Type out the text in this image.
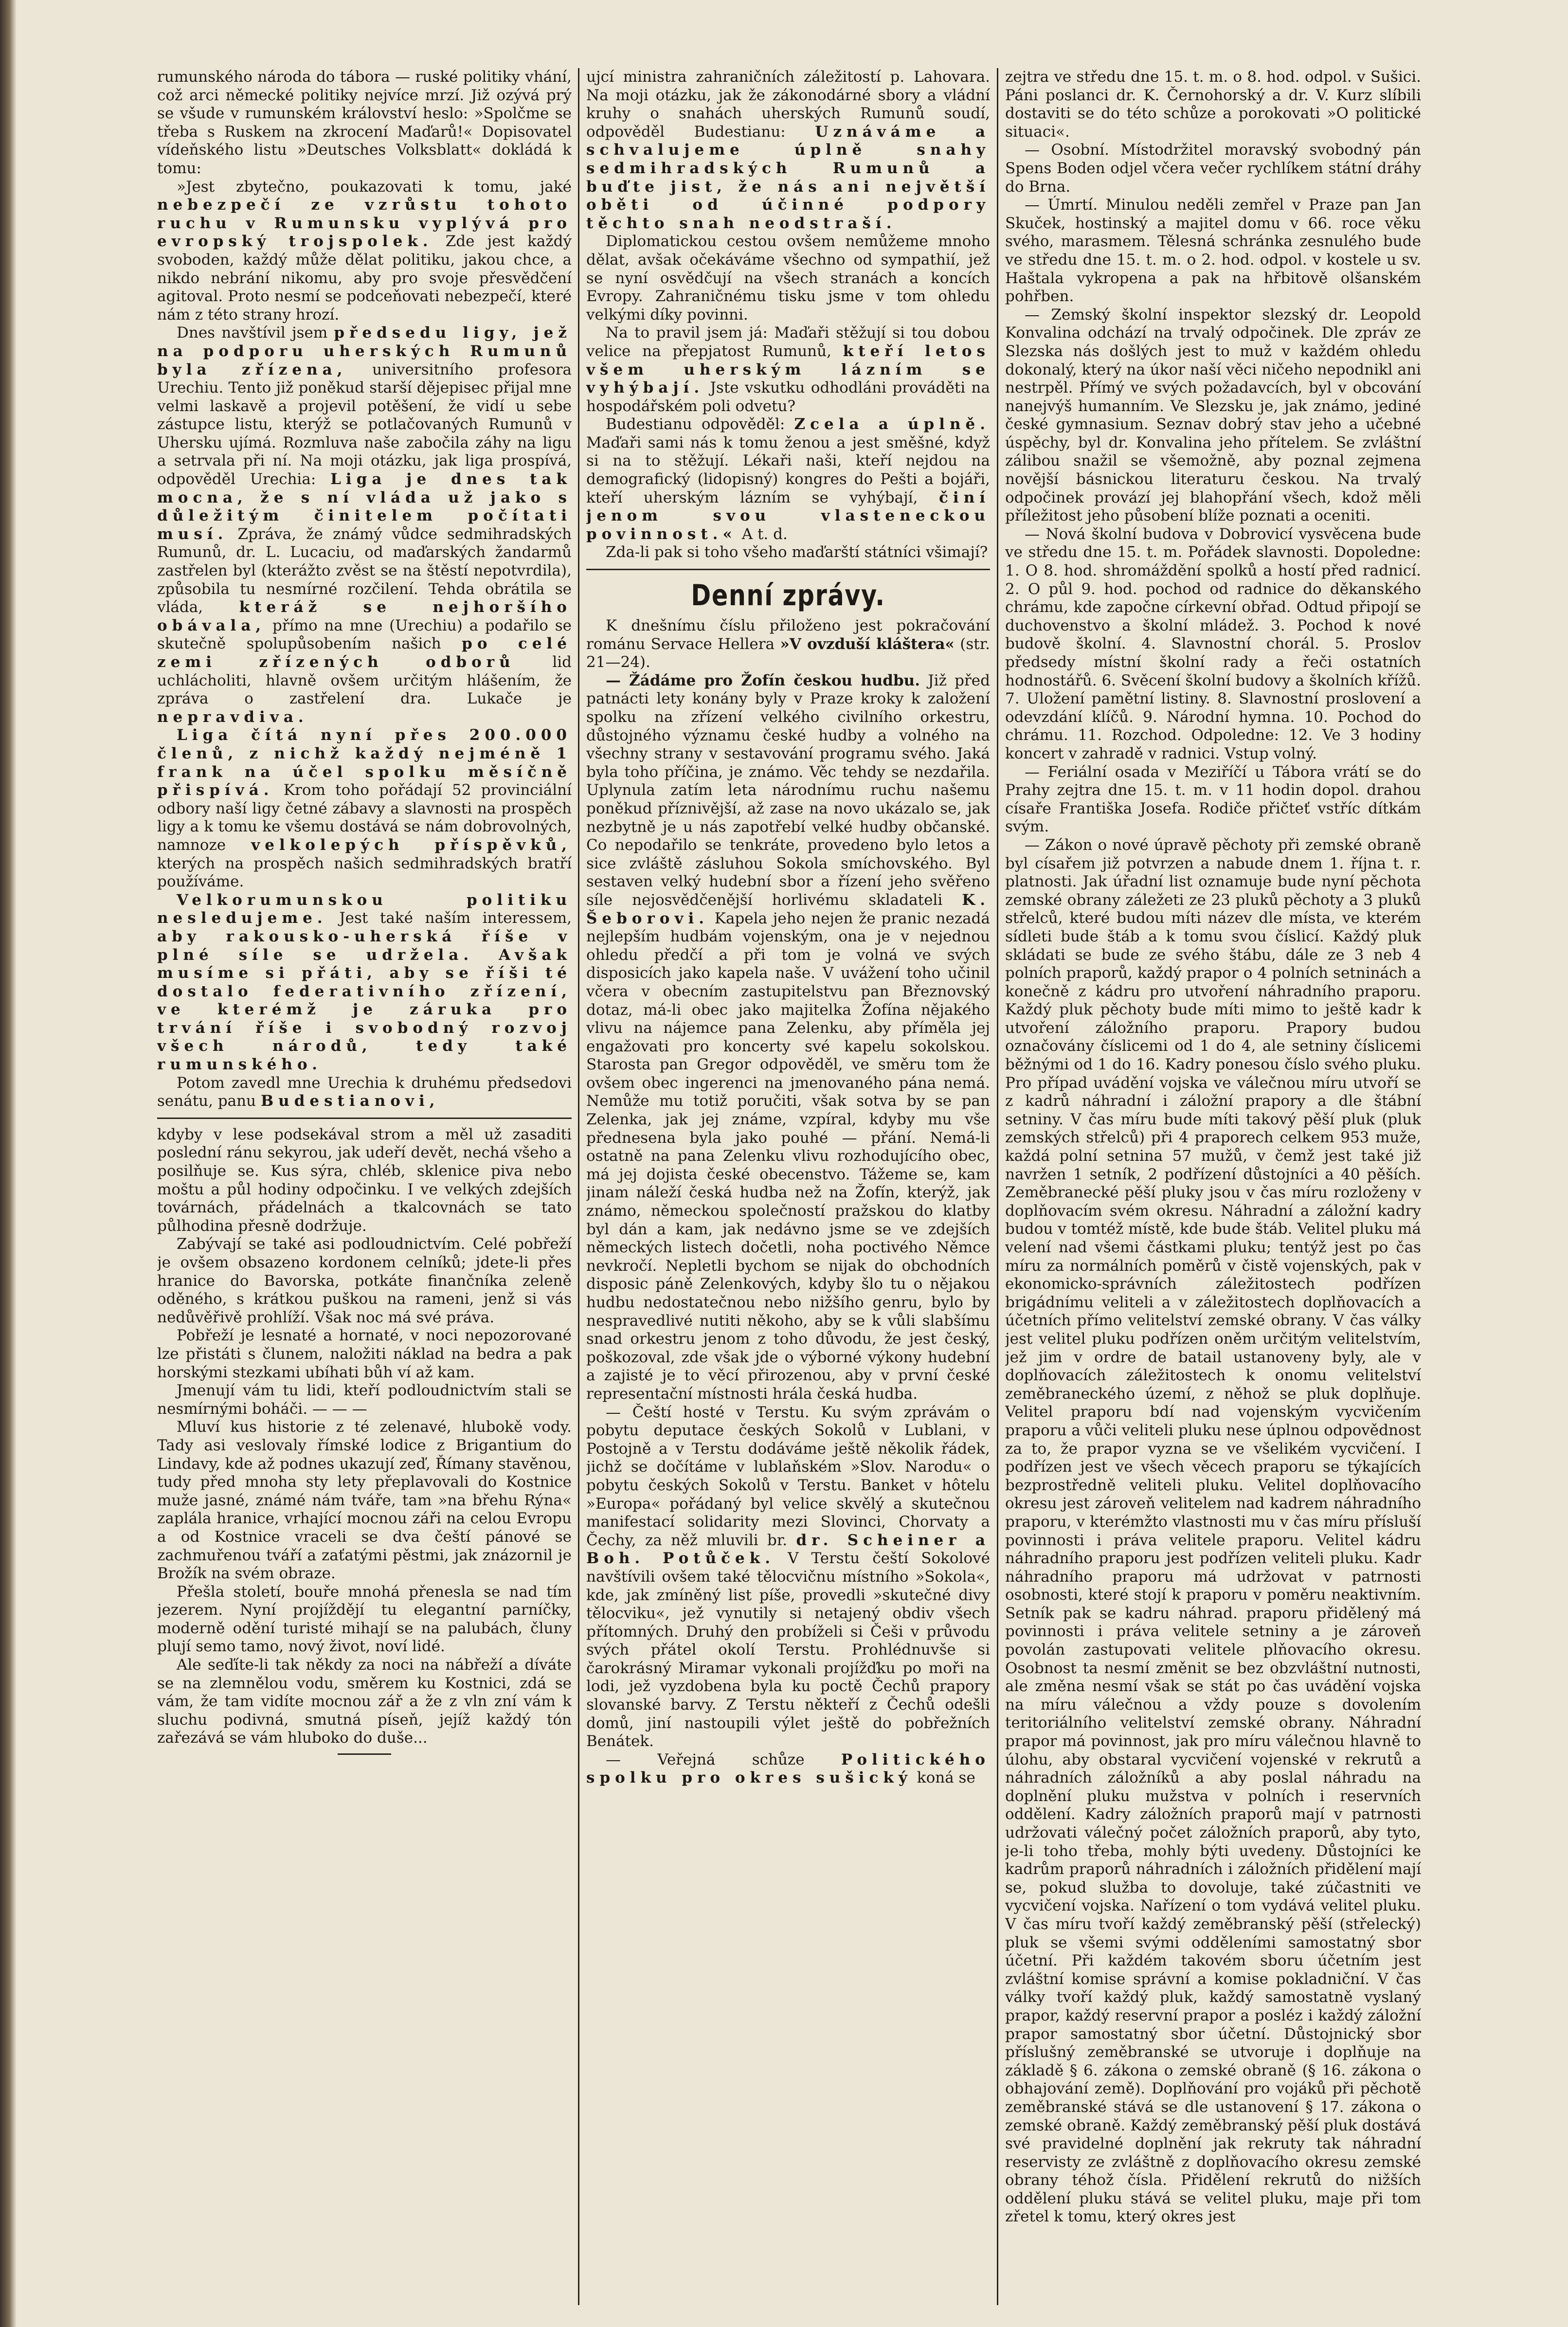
rumunského národa do tábora — ruské politiky vhání, což arci německé politiky nejvíce mrzí. Již ozývá prý se všude v rumunském království heslo: »Spolčme se třeba s Ruskem na zkrocení Maďarů!« Dopisovatel vídeňského listu »Deutsches Volksblatt« dokládá k tomu:

»Jest zbytečno, poukazovati k tomu, jaké nebezpečí ze vzrůstu tohoto ruchu v Rumunsku vyplývá pro evropský trojspolek. Zde jest každý svoboden, každý může dělat politiku, jakou chce, a nikdo nebrání nikomu, aby pro svoje přesvědčení agitoval. Proto nesmí se podceňovati nebezpečí, které nám z této strany hrozí.

Dnes navštívil jsem předsedu ligy, jež na podporu uherských Rumunů byla zřízena, universitního profesora Urechiu. Tento již poněkud starší dějepisec přijal mne velmi laskavě a projevil potěšení, že vidí u sebe zástupce listu, kterýž se potlačovaných Rumunů v Uhersku ujímá. Rozmluva naše zabočila záhy na ligu a setrvala při ní. Na moji otázku, jak liga prospívá, odpověděl Urechia: Liga je dnes tak mocna, že s ní vláda už jako s důležitým činitelem počítati musí. Zpráva, že známý vůdce sedmihradských Rumunů, dr. L. Lucaciu, od maďarských žandarmů zastřelen byl (kterážto zvěst se na štěstí nepotvrdila), způsobila tu nesmírné rozčilení. Tehda obrátila se vláda, kteráž se nejhoršího obávala, přímo na mne (Urechiu) a podařilo se skutečně spolupůsobením našich po celé zemi zřízených odborů lid uchlácholiti, hlavně ovšem určitým hlášením, že zpráva o zastřelení dra. Lukače je nepravdiva.

Liga čítá nyní přes 200.000 členů, z nichž každý nejméně 1 frank na účel spolku měsíčně přispívá. Krom toho pořádají 52 provinciální odbory naší ligy četné zábavy a slavnosti na prospěch ligy a k tomu ke všemu dostává se nám dobrovolných, namnoze velkolepých příspěvků, kterých na prospěch našich sedmihradských bratří používáme.

Velkorumunskou politiku nesledujeme. Jest také naším interessem, aby rakousko-uherská říše v plné síle se udržela. Avšak musíme si přáti, aby se říši té dostalo federativního zřízení, ve kterémž je záruka pro trvání říše i svobodný rozvoj všech národů, tedy také rumunského.

Potom zavedl mne Urechia k druhému předsedovi senátu, panu Budestianovi,

kdyby v lese podsekával strom a měl už zasaditi poslední ránu sekyrou, jak udeří devět, nechá všeho a posilňuje se. Kus sýra, chléb, sklenice piva nebo moštu a půl hodiny odpočinku. I ve velkých zdejších továrnách, přádelnách a tkalcovnách se tato půlhodina přesně dodržuje.

Zabývají se také asi podloudnictvím. Celé pobřeží je ovšem obsazeno kordonem celníků; jdete-li přes hranice do Bavorska, potkáte finančníka zeleně oděného, s krátkou puškou na rameni, jenž si vás nedůvěřivě prohlíží. Však noc má své práva.

Pobřeží je lesnaté a hornaté, v noci nepozorované lze přistáti s člunem, naložiti náklad na bedra a pak horskými stezkami ubíhati bůh ví až kam.

Jmenují vám tu lidi, kteří podloudnictvím stali se nesmírnými boháči. — — —

Mluví kus historie z té zelenavé, hlubokě vody. Tady asi veslovaly římské lodice z Brigantium do Lindavy, kde až podnes ukazují zeď, Římany stavěnou, tudy před mnoha sty lety přeplavovali do Kostnice muže jasné, známé nám tváře, tam »na břehu Rýna« zaplála hranice, vrhající mocnou záři na celou Evropu a od Kostnice vraceli se dva čeští pánové se zachmuřenou tváří a zaťatými pěstmi, jak znázornil je Brožík na svém obraze.

Přešla století, bouře mnohá přenesla se nad tím jezerem. Nyní projíždějí tu elegantní parníčky, moderně odění turisté mihají se na palubách, čluny plují semo tamo, nový život, noví lidé.

Ale seďíte-li tak někdy za noci na nábřeží a díváte se na zlemnělou vodu, směrem ku Kostnici, zdá se vám, že tam vidíte mocnou zář a že z vln zní vám k sluchu podivná, smutná píseň, jejíž každý tón zařezává se vám hluboko do duše...

ujcí ministra zahraničních záležitostí p. Lahovara. Na moji otázku, jak že zákonodárné sbory a vládní kruhy o snahách uherských Rumunů soudí, odpověděl Budestianu: Uznáváme a schvalujeme úplně snahy sedmihradských Rumunů a buďte jist, že nás ani největší oběti od účinné podpory těchto snah neodstraší.

Diplomatickou cestou ovšem nemůžeme mnoho dělat, avšak očekáváme všechno od sympathií, jež se nyní osvědčují na všech stranách a koncích Evropy. Zahraničnému tisku jsme v tom ohledu velkými díky povinni.

Na to pravil jsem já: Maďaři stěžují si tou dobou velice na přepjatost Rumunů, kteří letos všem uherským lázním se vyhýbají. Jste vskutku odhodláni prováděti na hospodářském poli odvetu?

Budestianu odpověděl: Zcela a úplně. Maďaři sami nás k tomu ženou a jest směšné, když si na to stěžují. Lékaři naši, kteří nejdou na demografický (lidopisný) kongres do Pešti a bojáři, kteří uherským lázním se vyhýbají, činí jenom svou vlasteneckou povinnost.« A t. d.

Zda-li pak si toho všeho maďarští státníci všimají?

Denní zprávy.

K dnešnímu číslu přiloženo jest pokračování románu Servace Hellera »V ovzduší kláštera« (str. 21—24).

— Žádáme pro Žofín českou hudbu. Již před patnácti lety konány byly v Praze kroky k založení spolku na zřízení velkého civilního orkestru, důstojného významu české hudby a volného na všechny strany v sestavování programu svého. Jaká byla toho příčina, je známo. Věc tehdy se nezdařila. Uplynula zatím leta národnímu ruchu našemu poněkud příznivější, až zase na novo ukázalo se, jak nezbytně je u nás zapotřebí velké hudby občanské. Co nepodařilo se tenkráte, provedeno bylo letos a sice zvláště zásluhou Sokola smíchovského. Byl sestaven velký hudební sbor a řízení jeho svěřeno síle nejosvědčenější horlivému skladateli K. Šeborovi. Kapela jeho nejen že pranic nezadá nejlepším hudbám vojenským, ona je v nejednou ohledu předčí a při tom je volná ve svých disposicích jako kapela naše. V uvážení toho učinil včera v obecním zastupitelstvu pan Březnovský dotaz, má-li obec jako majitelka Žofína nějakého vlivu na nájemce pana Zelenku, aby příměla jej engažovati pro koncerty své kapelu sokolskou. Starosta pan Gregor odpověděl, ve směru tom že ovšem obec ingerenci na jmenovaného pána nemá. Nemůže mu totiž poručiti, však sotva by se pan Zelenka, jak jej známe, vzpíral, kdyby mu vše přednesena byla jako pouhé — přání. Nemá-li ostatně na pana Zelenku vlivu rozhodujícího obec, má jej dojista české obecenstvo. Tážeme se, kam jinam náleží česká hudba než na Žofín, kterýž, jak známo, německou společností pražskou do klatby byl dán a kam, jak nedávno jsme se ve zdejších německých listech dočetli, noha poctivého Němce nevkročí. Nepletli bychom se nijak do obchodních disposic páně Zelenkových, kdyby šlo tu o nějakou hudbu nedostatečnou nebo nižšího genru, bylo by nespravedlivé nutiti někoho, aby se k vůli slabšímu snad orkestru jenom z toho důvodu, že jest český, poškozoval, zde však jde o výborné výkony hudební a zajisté je to věcí přirozenou, aby v první české representační místnosti hrála česká hudba.

— Čeští hosté v Terstu. Ku svým zprávám o pobytu deputace českých Sokolů v Lublani, v Postojně a v Terstu dodáváme ještě několik řádek, jichž se dočítáme v lublaňském »Slov. Narodu« o pobytu českých Sokolů v Terstu. Banket v hôtelu »Europa« pořádaný byl velice skvělý a skutečnou manifestací solidarity mezi Slovinci, Chorvaty a Čechy, za něž mluvili br. dr. Scheiner a Boh. Potůček. V Terstu čeští Sokolové navštívili ovšem také tělocvičnu místního »Sokola«, kde, jak zmíněný list píše, provedli »skutečné divy tělocviku«, jež vynutily si netajený obdiv všech přítomných. Druhý den probíželi si Češi v průvodu svých přátel okolí Terstu. Prohlédnuvše si čarokrásný Miramar vykonali projížďku po moři na lodi, jež vyzdobena byla ku poctě Čechů prapory slovanské barvy. Z Terstu někteří z Čechů odešli domů, jiní nastoupili výlet ještě do pobřežních Benátek.

— Veřejná schůze Politického spolku pro okres sušický koná se

zejtra ve středu dne 15. t. m. o 8. hod. odpol. v Sušici. Páni poslanci dr. K. Černohorský a dr. V. Kurz slíbili dostaviti se do této schůze a porokovati »O politické situaci«.

— Osobní. Místodržitel moravský svobodný pán Spens Boden odjel včera večer rychlíkem státní dráhy do Brna.

— Úmrtí. Minulou neděli zemřel v Praze pan Jan Skuček, hostinský a majitel domu v 66. roce věku svého, marasmem. Tělesná schránka zesnulého bude ve středu dne 15. t. m. o 2. hod. odpol. v kostele u sv. Haštala vykropena a pak na hřbitově olšanském pohřben.

— Zemský školní inspektor slezský dr. Leopold Konvalina odchází na trvalý odpočinek. Dle zpráv ze Slezska nás došlých jest to muž v každém ohledu dokonalý, který na úkor naší věci ničeho nepodnikl ani nestrpěl. Přímý ve svých požadavcích, byl v obcování nanejvýš humanním. Ve Slezsku je, jak známo, jediné české gymnasium. Seznav dobrý stav jeho a učebné úspěchy, byl dr. Konvalina jeho přítelem. Se zvláštní zálibou snažil se všemožně, aby poznal zejmena novější básnickou literaturu českou. Na trvalý odpočinek provází jej blahopřání všech, kdož měli příležitost jeho působení blíže poznati a oceniti.

— Nová školní budova v Dobrovicí vysvěcena bude ve středu dne 15. t. m. Pořádek slavnosti. Dopoledne: 1. O 8. hod. shromáždění spolků a hostí před radnicí. 2. O půl 9. hod. pochod od radnice do děkanského chrámu, kde započne církevní obřad. Odtud připojí se duchovenstvo a školní mládež. 3. Pochod k nové budově školní. 4. Slavnostní chorál. 5. Proslov předsedy místní školní rady a řeči ostatních hodnostářů. 6. Svěcení školní budovy a školních křížů. 7. Uložení pamětní listiny. 8. Slavnostní proslovení a odevzdání klíčů. 9. Národní hymna. 10. Pochod do chrámu. 11. Rozchod. Odpoledne: 12. Ve 3 hodiny koncert v zahradě v radnici. Vstup volný.

— Feriální osada v Meziříčí u Tábora vrátí se do Prahy zejtra dne 15. t. m. v 11 hodin dopol. drahou císaře Františka Josefa. Rodiče přičteť vstříc dítkám svým.

— Zákon o nové úpravě pěchoty při zemské obraně byl císařem již potvrzen a nabude dnem 1. října t. r. platnosti. Jak úřadní list oznamuje bude nyní pěchota zemské obrany záležeti ze 23 pluků pěchoty a 3 pluků střelců, které budou míti název dle místa, ve kterém sídleti bude štáb a k tomu svou číslicí. Každý pluk skládati se bude ze svého štábu, dále ze 3 neb 4 polních praporů, každý prapor o 4 polních setninách a konečně z kádru pro utvoření náhradního praporu. Každý pluk pěchoty bude míti mimo to ještě kadr k utvoření záložního praporu. Prapory budou označovány číslicemi od 1 do 4, ale setniny číslicemi běžnými od 1 do 16. Kadry ponesou číslo svého pluku. Pro případ uvádění vojska ve válečnou míru utvoří se z kadrů náhradní i záložní prapory a dle štábní setniny. V čas míru bude míti takový pěší pluk (pluk zemských střelců) při 4 praporech celkem 953 muže, každá polní setnina 57 mužů, v čemž jest také již navržen 1 setník, 2 podřízení důstojníci a 40 pěších. Zeměbranecké pěší pluky jsou v čas míru rozloženy v doplňovacím svém okresu. Náhradní a záložní kadry budou v tomtéž místě, kde bude štáb. Velitel pluku má velení nad všemi částkami pluku; tentýž jest po čas míru za normálních poměrů v čistě vojenských, pak v ekonomicko-správních záležitostech podřízen brigádnímu veliteli a v záležitostech doplňovacích a účetních přímo velitelství zemské obrany. V čas války jest velitel pluku podřízen oněm určitým velitelstvím, jež jim v ordre de batail ustanoveny byly, ale v doplňovacích záležitostech k onomu velitelství zeměbraneckého území, z něhož se pluk doplňuje. Velitel praporu bdí nad vojenským vycvičením praporu a vůči veliteli pluku nese úplnou odpovědnost za to, že prapor vyzna se ve všelikém vycvičení. I podřízen jest ve všech věcech praporu se týkajících bezprostředně veliteli pluku. Velitel doplňovacího okresu jest zároveň velitelem nad kadrem náhradního praporu, v kterémžto vlastnosti mu v čas míru přísluší povinnosti i práva velitele praporu. Velitel kádru náhradního praporu jest podřízen veliteli pluku. Kadr náhradního praporu má udržovat v patrnosti osobnosti, které stojí k praporu v poměru neaktivním. Setník pak se kadru náhrad. praporu přidělený má povinnosti i práva velitele setniny a je zároveň povolán zastupovati velitele plňovacího okresu. Osobnost ta nesmí změnit se bez obzvláštní nutnosti, ale změna nesmí však se stát po čas uvádění vojska na míru válečnou a vždy pouze s dovolením teritoriálního velitelství zemské obrany. Náhradní prapor má povinnost, jak pro míru válečnou hlavně to úlohu, aby obstaral vycvičení vojenské v rekrutů a náhradních záložníků a aby poslal náhradu na doplnění pluku mužstva v polních i reservních oddělení. Kadry záložních praporů mají v patrnosti udržovati válečný počet záložních praporů, aby tyto, je-li toho třeba, mohly býti uvedeny. Důstojníci ke kadrům praporů náhradních i záložních přidělení mají se, pokud služba to dovoluje, také zúčastniti ve vycvičení vojska. Nařízení o tom vydává velitel pluku. V čas míru tvoří každý zeměbranský pěší (střelecký) pluk se všemi svými odděleními samostatný sbor účetní. Při každém takovém sboru účetním jest zvláštní komise správní a komise pokladniční. V čas války tvoří každý pluk, každý samostatně vyslaný prapor, každý reservní prapor a posléz i každý záložní prapor samostatný sbor účetní. Důstojnický sbor příslušný zeměbranské se utvoruje i doplňuje na základě § 6. zákona o zemské obraně (§ 16. zákona o obhajování země). Doplňování pro vojáků při pěchotě zeměbranské stává se dle ustanovení § 17. zákona o zemské obraně. Každý zeměbranský pěší pluk dostává své pravidelné doplnění jak rekruty tak náhradní reservisty ze zvláštně z doplňovacího okresu zemské obrany téhož čísla. Přidělení rekrutů do nižších oddělení pluku stává se velitel pluku, maje při tom zřetel k tomu, který okres jest
